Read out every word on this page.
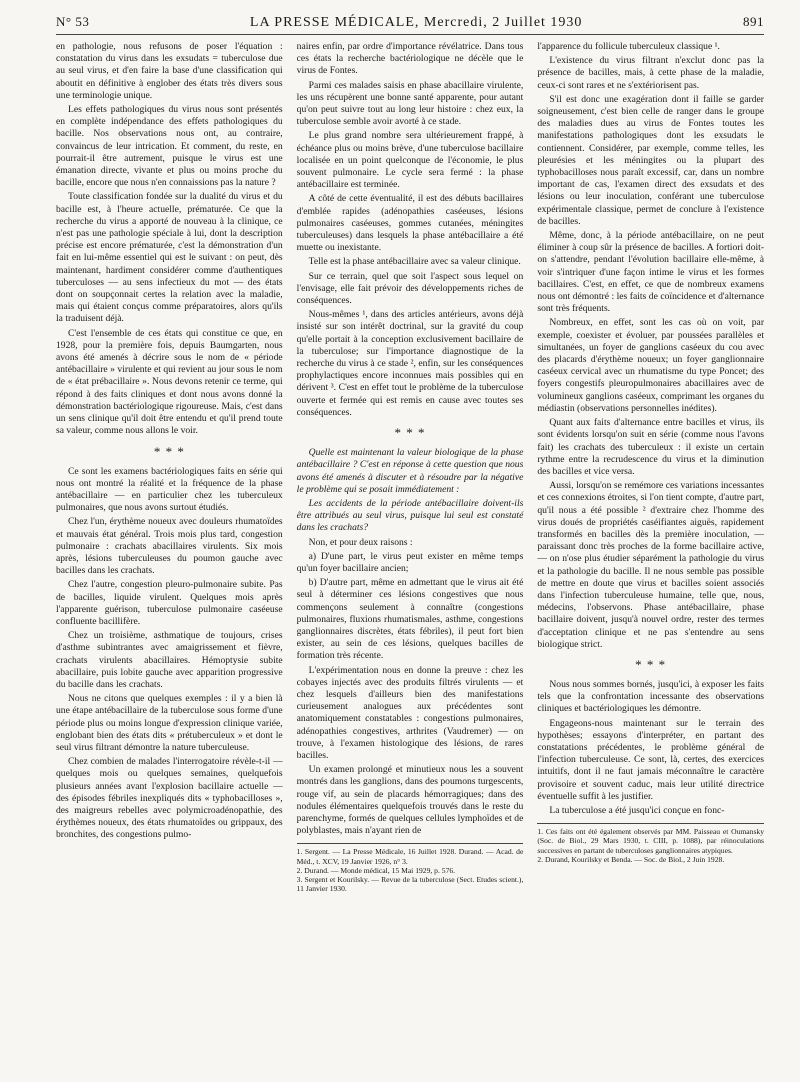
N° 53	LA PRESSE MÉDICALE, Mercredi, 2 Juillet 1930	891

en pathologie, nous refusons de poser l'équation : constatation du virus dans les exsudats = tuberculose due au seul virus, et d'en faire la base d'une classification qui aboutit en définitive à englober des états très divers sous une terminologie unique.

Les effets pathologiques du virus nous sont présentés en complète indépendance des effets pathologiques du bacille. Nos observations nous ont, au contraire, convaincus de leur intrication. Et comment, du reste, en pourrait-il être autrement, puisque le virus est une émanation directe, vivante et plus ou moins proche du bacille, encore que nous n'en connaissions pas la nature ?

Toute classification fondée sur la dualité du virus et du bacille est, à l'heure actuelle, prématurée. Ce que la recherche du virus a apporté de nouveau à la clinique, ce n'est pas une pathologie spéciale à lui, dont la description précise est encore prématurée, c'est la démonstration d'un fait en lui-même essentiel qui est le suivant : on peut, dès maintenant, hardiment considérer comme d'authentiques tuberculoses — au sens infectieux du mot — des états dont on soupçonnait certes la relation avec la maladie, mais qui étaient conçus comme préparatoires, alors qu'ils la traduisent déjà.

C'est l'ensemble de ces états qui constitue ce que, en 1928, pour la première fois, depuis Baumgarten, nous avons été amenés à décrire sous le nom de « période antébacillaire » virulente et qui revient au jour sous le nom de « état prébacillaire ». Nous devons retenir ce terme, qui répond à des faits cliniques et dont nous avons donné la démonstration bactériologique rigoureuse. Mais, c'est dans un sens clinique qu'il doit être entendu et qu'il prend toute sa valeur, comme nous allons le voir.

* * *

Ce sont les examens bactériologiques faits en série qui nous ont montré la réalité et la fréquence de la phase antébacillaire — en particulier chez les tuberculeux pulmonaires, que nous avons surtout étudiés.

Chez l'un, érythème noueux avec douleurs rhumatoïdes et mauvais état général. Trois mois plus tard, congestion pulmonaire : crachats abacillaires virulents. Six mois après, lésions tuberculeuses du poumon gauche avec bacilles dans les crachats.

Chez l'autre, congestion pleuro-pulmonaire subite. Pas de bacilles, liquide virulent. Quelques mois après l'apparente guérison, tuberculose pulmonaire caséeuse confluente bacillifère.

Chez un troisième, asthmatique de toujours, crises d'asthme subintrantes avec amaigrissement et fièvre, crachats virulents abacillaires. Hémoptysie subite abacillaire, puis lobite gauche avec apparition progressive du bacille dans les crachats.

Nous ne citons que quelques exemples : il y a bien là une étape antébacillaire de la tuberculose sous forme d'une période plus ou moins longue d'expression clinique variée, englobant bien des états dits « prétuberculeux » et dont le seul virus filtrant démontre la nature tuberculeuse.

Chez combien de malades l'interrogatoire révèle-t-il — quelques mois ou quelques semaines, quelquefois plusieurs années avant l'explosion bacillaire actuelle — des épisodes fébriles inexpliqués dits « typhobacilloses », des maigreurs rebelles avec polymicroadénopathie, des érythèmes noueux, des états rhumatoïdes ou grippaux, des bronchites, des congestions pulmo-

naires enfin, par ordre d'importance révélatrice. Dans tous ces états la recherche bactériologique ne décèle que le virus de Fontes.

Parmi ces malades saisis en phase abacillaire virulente, les uns récupèrent une bonne santé apparente, pour autant qu'on peut suivre tout au long leur histoire : chez eux, la tuberculose semble avoir avorté à ce stade.

Le plus grand nombre sera ultérieurement frappé, à échéance plus ou moins brève, d'une tuberculose bacillaire localisée en un point quelconque de l'économie, le plus souvent pulmonaire. Le cycle sera fermé : la phase antébacillaire est terminée.

A côté de cette éventualité, il est des débuts bacillaires d'emblée rapides (adénopathies caséeuses, lésions pulmonaires caséeuses, gommes cutanées, méningites tuberculeuses) dans lesquels la phase antébacillaire a été muette ou inexistante.

Telle est la phase antébacillaire avec sa valeur clinique.

Sur ce terrain, quel que soit l'aspect sous lequel on l'envisage, elle fait prévoir des développements riches de conséquences.

Nous-mêmes ¹, dans des articles antérieurs, avons déjà insisté sur son intérêt doctrinal, sur la gravité du coup qu'elle portait à la conception exclusivement bacillaire de la tuberculose; sur l'importance diagnostique de la recherche du virus à ce stade ², enfin, sur les conséquences prophylactiques encore inconnues mais possibles qui en dérivent ³. C'est en effet tout le problème de la tuberculose ouverte et fermée qui est remis en cause avec toutes ses conséquences.

* * *

Quelle est maintenant la valeur biologique de la phase antébacillaire ? C'est en réponse à cette question que nous avons été amenés à discuter et à résoudre par la négative le problème qui se posait immédiatement :

Les accidents de la période antébacillaire doivent-ils être attribués au seul virus, puisque lui seul est constaté dans les crachats?

Non, et pour deux raisons :

a) D'une part, le virus peut exister en même temps qu'un foyer bacillaire ancien;

b) D'autre part, même en admettant que le virus ait été seul à déterminer ces lésions congestives que nous commençons seulement à connaître (congestions pulmonaires, fluxions rhumatismales, asthme, congestions ganglionnaires discrètes, états fébriles), il peut fort bien exister, au sein de ces lésions, quelques bacilles de formation très récente.

L'expérimentation nous en donne la preuve : chez les cobayes injectés avec des produits filtrés virulents — et chez lesquels d'ailleurs bien des manifestations curieusement analogues aux précédentes sont anatomiquement constatables : congestions pulmonaires, adénopathies congestives, arthrites (Vaudremer) — on trouve, à l'examen histologique des lésions, de rares bacilles.

Un examen prolongé et minutieux nous les a souvent montrés dans les ganglions, dans des poumons turgescents, rouge vif, au sein de placards hémorragiques; dans des nodules élémentaires quelquefois trouvés dans le reste du parenchyme, formés de quelques cellules lymphoïdes et de polyblastes, mais n'ayant rien de

1. Sergent. — La Presse Médicale, 16 Juillet 1928. Durand. — Acad. de Méd., t. XCV, 19 Janvier 1926, n° 3.

2. Durand. — Monde médical, 15 Mai 1929, p. 576.

3. Sergent et Kourilsky. — Revue de la tuberculose (Sect. Etudes scient.), 11 Janvier 1930.

l'apparence du follicule tuberculeux classique ¹.

L'existence du virus filtrant n'exclut donc pas la présence de bacilles, mais, à cette phase de la maladie, ceux-ci sont rares et ne s'extériorisent pas.

S'il est donc une exagération dont il faille se garder soigneusement, c'est bien celle de ranger dans le groupe des maladies dues au virus de Fontes toutes les manifestations pathologiques dont les exsudats le contiennent. Considérer, par exemple, comme telles, les pleurésies et les méningites ou la plupart des typhobacilloses nous paraît excessif, car, dans un nombre important de cas, l'examen direct des exsudats et des lésions ou leur inoculation, conférant une tuberculose expérimentale classique, permet de conclure à l'existence de bacilles.

Même, donc, à la période antébacillaire, on ne peut éliminer à coup sûr la présence de bacilles. A fortiori doit-on s'attendre, pendant l'évolution bacillaire elle-même, à voir s'intriquer d'une façon intime le virus et les formes bacillaires. C'est, en effet, ce que de nombreux examens nous ont démontré : les faits de coïncidence et d'alternance sont très fréquents.

Nombreux, en effet, sont les cas où on voit, par exemple, coexister et évoluer, par poussées parallèles et simultanées, un foyer de ganglions caséeux du cou avec des placards d'érythème noueux; un foyer ganglionnaire caséeux cervical avec un rhumatisme du type Poncet; des foyers congestifs pleuropulmonaires abacillaires avec de volumineux ganglions caséeux, comprimant les organes du médiastin (observations personnelles inédites).

Quant aux faits d'alternance entre bacilles et virus, ils sont évidents lorsqu'on suit en série (comme nous l'avons fait) les crachats des tuberculeux : il existe un certain rythme entre la recrudescence du virus et la diminution des bacilles et vice versa.

Aussi, lorsqu'on se remémore ces variations incessantes et ces connexions étroites, si l'on tient compte, d'autre part, qu'il nous a été possible ² d'extraire chez l'homme des virus doués de propriétés caséifiantes aiguës, rapidement transformés en bacilles dès la première inoculation, — paraissant donc très proches de la forme bacillaire active, — on n'ose plus étudier séparément la pathologie du virus et la pathologie du bacille. Il ne nous semble pas possible de mettre en doute que virus et bacilles soient associés dans l'infection tuberculeuse humaine, telle que, nous, médecins, l'observons. Phase antébacillaire, phase bacillaire doivent, jusqu'à nouvel ordre, rester des termes d'acceptation clinique et ne pas s'entendre au sens biologique strict.

* * *

Nous nous sommes bornés, jusqu'ici, à exposer les faits tels que la confrontation incessante des observations cliniques et bactériologiques les démontre.

Engageons-nous maintenant sur le terrain des hypothèses; essayons d'interpréter, en partant des constatations précédentes, le problème général de l'infection tuberculeuse. Ce sont, là, certes, des exercices intuitifs, dont il ne faut jamais méconnaître le caractère provisoire et souvent caduc, mais leur utilité directrice éventuelle suffit à les justifier.

La tuberculose a été jusqu'ici conçue en fonc-

1. Ces faits ont été également observés par MM. Paisseau et Oumansky (Soc. de Biol., 29 Mars 1930, t. CIII, p. 1088), par réinoculations successives en partant de tuberculoses ganglionnaires atypiques.

2. Durand, Kourilsky et Benda. — Soc. de Biol., 2 Juin 1928.
